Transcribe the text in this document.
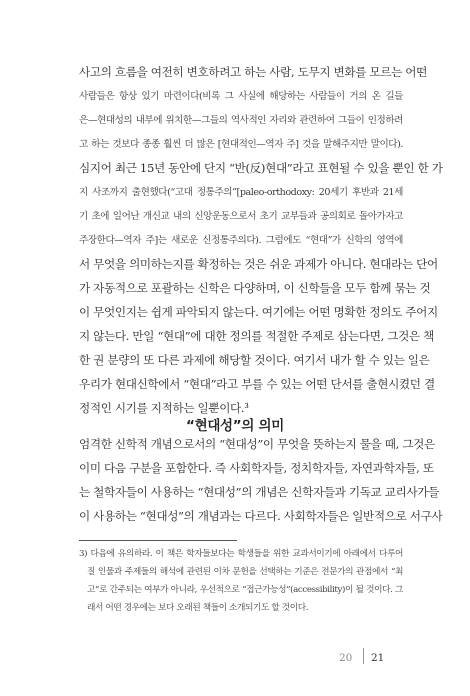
사고의 흐름을 여전히 변호하려고 하는 사람, 도무지 변화를 모르는 어떤
사람들은 항상 있기 마련이다(비록 그 사실에 해당하는 사람들이 거의 온 길들
은—현대성의 내부에 위치한—그들의 역사적인 자리와 관련하여 그들이 인정하려
고 하는 것보다 종종 훨씬 더 많은 [현대적인—역자 주] 것을 말해주지만 말이다).
심지어 최근 15년 동안에 단지 “반(反)현대”라고 표현될 수 있을 뿐인 한 가
지 사조까지 출현했다(“고대 정통주의”[paleo-orthodoxy: 20세기 후반과 21세
기 초에 일어난 개신교 내의 신앙운동으로서 초기 교부들과 공의회로 돌아가자고
주장한다—역자 주]는 새로운 신정통주의다). 그럼에도 “현대”가 신학의 영역에
서 무엇을 의미하는지를 확정하는 것은 쉬운 과제가 아니다. 현대라는 단어
가 자동적으로 포괄하는 신학은 다양하며, 이 신학들을 모두 함께 묶는 것
이 무엇인지는 쉽게 파악되지 않는다. 여기에는 어떤 명확한 정의도 주어지
지 않는다. 만일 “현대”에 대한 정의를 적절한 주제로 삼는다면, 그것은 책
한 권 분량의 또 다른 과제에 해당할 것이다. 여기서 내가 할 수 있는 일은
우리가 현대신학에서 “현대”라고 부를 수 있는 어떤 단서를 출현시켰던 결
정적인 시기를 지적하는 일뿐이다.³
“현대성”의 의미
엄격한 신학적 개념으로서의 “현대성”이 무엇을 뜻하는지 물을 때, 그것은
이미 다음 구분을 포함한다. 즉 사회학자들, 정치학자들, 자연과학자들, 또
는 철학자들이 사용하는 “현대성”의 개념은 신학자들과 기독교 교리사가들
이 사용하는 “현대성”의 개념과는 다르다. 사회학자들은 일반적으로 서구사
3) 다음에 유의하라. 이 책은 학자들보다는 학생들을 위한 교과서이기에 아래에서 다루어
질 인물과 주제들의 해석에 관련된 이차 문헌을 선택하는 기준은 전문가의 관점에서 “최
고”로 간주되는 여부가 아니라, 우선적으로 “접근가능성”(accessibility)이 될 것이다. 그
래서 어떤 경우에는 보다 오래된 책들이 소개되기도 할 것이다.
20 21
